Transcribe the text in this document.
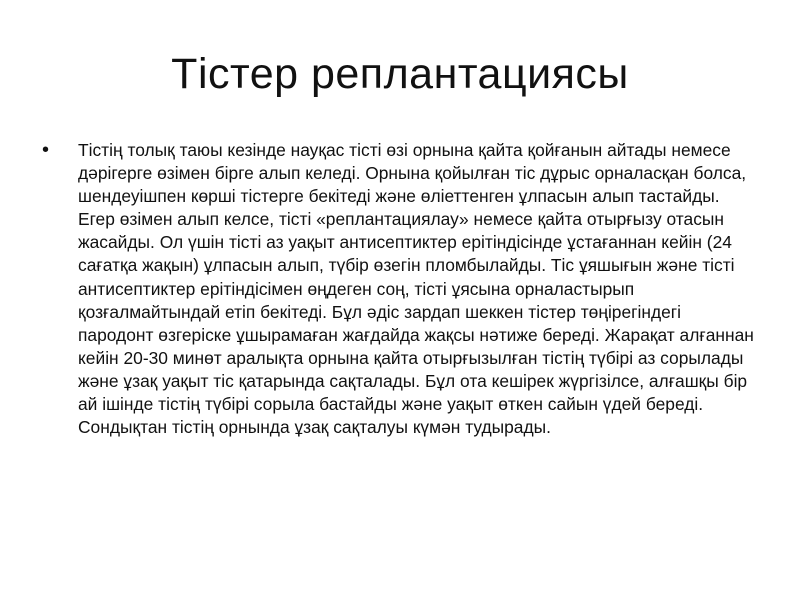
Тістер реплантациясы
•	Тістің толық таюы кезінде науқас тісті өзі орнына қайта қойғанын айтады немесе дәрігерге өзімен бірге алып келеді. Орнына қойылған тіс дұрыс орналасқан болса, шендеуішпен көрші тістерге бекітеді және өліеттенген ұлпасын алып тастайды. Егер өзімен алып келсе, тісті «реплантациялау» немесе қайта отырғызу отасын жасайды. Ол үшін тісті аз уақыт антисептиктер ерітіндісінде ұстағаннан кейін (24 сағатқа жақын) ұлпасын алып, түбір өзегін пломбылайды. Тіс ұяшығын және тісті антисептиктер ерітіндісімен өңдеген соң, тісті ұясына орналастырып қозғалмайтындай етіп бекітеді. Бұл әдіс зардап шеккен тістер төңірегіндегі пародонт өзгеріске ұшырамаған жағдайда жақсы нәтиже береді. Жарақат алғаннан кейін 20-30 минөт аралықта орнына қайта отырғызылған тістің түбірі аз сорылады және ұзақ уақыт тіс қатарында сақталады. Бұл ота кешірек жүргізілсе, алғашқы бір ай ішінде тістің түбірі сорыла бастайды және уақыт өткен сайын үдей береді. Сондықтан тістің орнында ұзақ сақталуы күмән тудырады.
